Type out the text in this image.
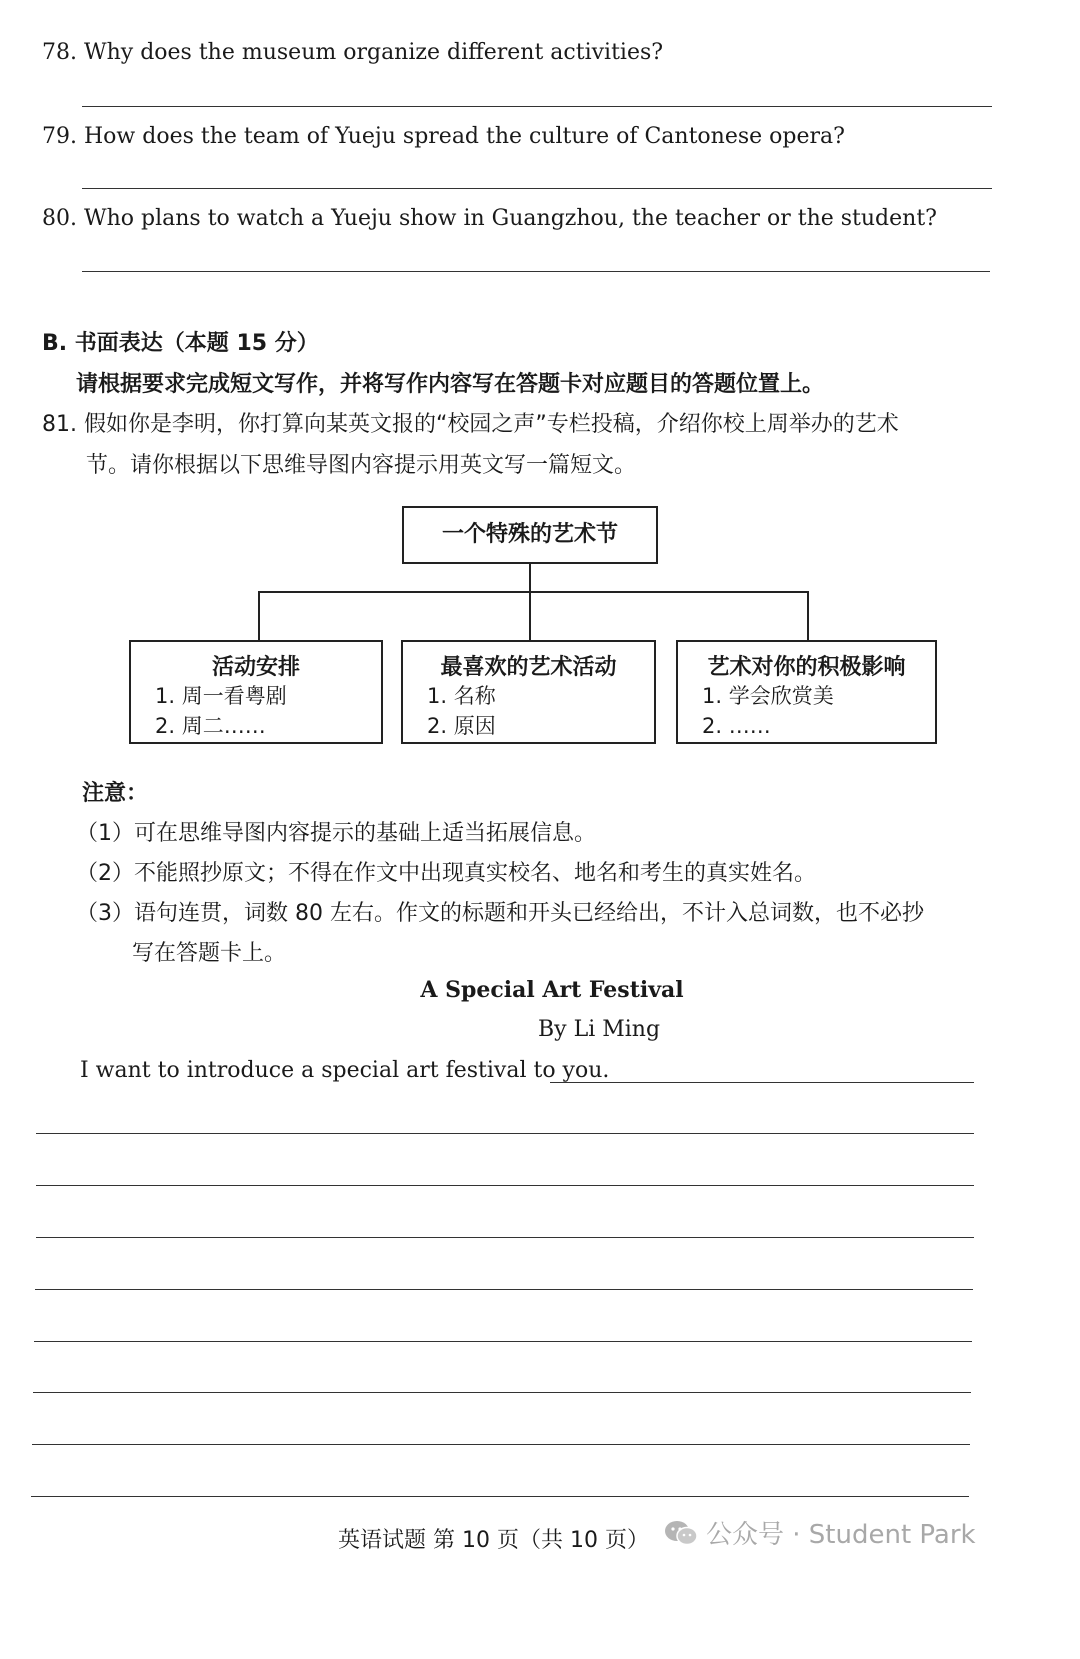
78. Why does the museum organize different activities?
79. How does the team of Yueju spread the culture of Cantonese opera?
80. Who plans to watch a Yueju show in Guangzhou, the teacher or the student?
B. 书面表达（本题 15 分）
请根据要求完成短文写作，并将写作内容写在答题卡对应题目的答题位置上。
81. 假如你是李明，你打算向某英文报的“校园之声”专栏投稿，介绍你校上周举办的艺术
节。请你根据以下思维导图内容提示用英文写一篇短文。
一个特殊的艺术节
活动安排
1. 周一看粤剧
2. 周二……
最喜欢的艺术活动
1. 名称
2. 原因
艺术对你的积极影响
1. 学会欣赏美
2. ……
注意：
（1）可在思维导图内容提示的基础上适当拓展信息。
（2）不能照抄原文；不得在作文中出现真实校名、地名和考生的真实姓名。
（3）语句连贯，词数 80 左右。作文的标题和开头已经给出，不计入总词数，也不必抄
写在答题卡上。
A Special Art Festival
By Li Ming
I want to introduce a special art festival to you.
英语试题 第 10 页（共 10 页） 公众号 · Student Park
